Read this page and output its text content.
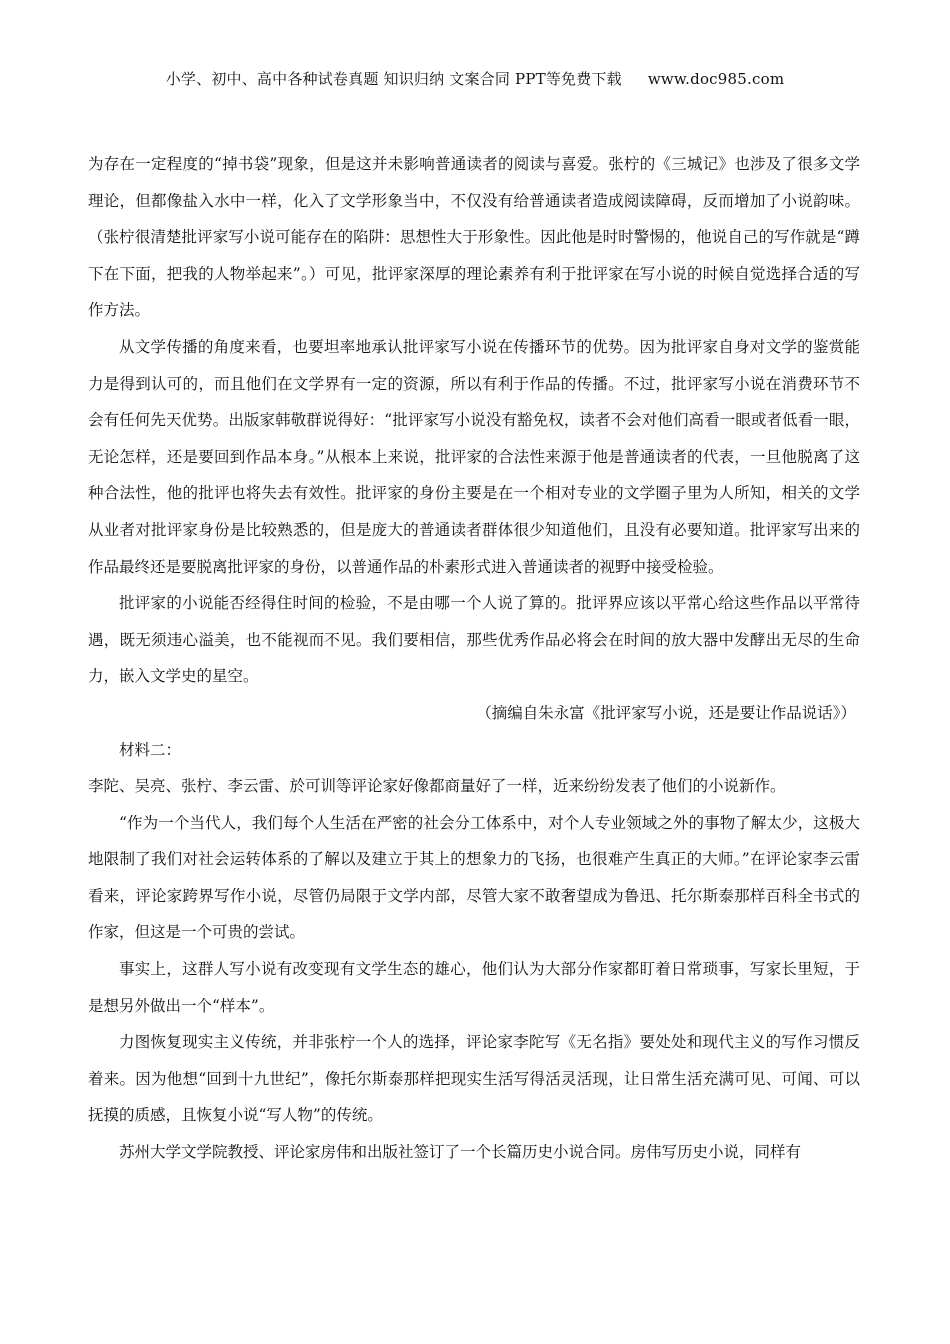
小学、初中、高中各种试卷真题 知识归纳 文案合同 PPT等免费下载 www.doc985.com

为存在一定程度的“掉书袋”现象，但是这并未影响普通读者的阅读与喜爱。张柠的《三城记》也涉及了很多文学理论，但都像盐入水中一样，化入了文学形象当中，不仅没有给普通读者造成阅读障碍，反而增加了小说韵味。（张柠很清楚批评家写小说可能存在的陷阱：思想性大于形象性。因此他是时时警惕的，他说自己的写作就是“蹲下在下面，把我的人物举起来”。）可见，批评家深厚的理论素养有利于批评家在写小说的时候自觉选择合适的写作方法。

从文学传播的角度来看，也要坦率地承认批评家写小说在传播环节的优势。因为批评家自身对文学的鉴赏能力是得到认可的，而且他们在文学界有一定的资源，所以有利于作品的传播。不过，批评家写小说在消费环节不会有任何先天优势。出版家韩敬群说得好：“批评家写小说没有豁免权，读者不会对他们高看一眼或者低看一眼，无论怎样，还是要回到作品本身。”从根本上来说，批评家的合法性来源于他是普通读者的代表，一旦他脱离了这种合法性，他的批评也将失去有效性。批评家的身份主要是在一个相对专业的文学圈子里为人所知，相关的文学从业者对批评家身份是比较熟悉的，但是庞大的普通读者群体很少知道他们，且没有必要知道。批评家写出来的作品最终还是要脱离批评家的身份，以普通作品的朴素形式进入普通读者的视野中接受检验。

批评家的小说能否经得住时间的检验，不是由哪一个人说了算的。批评界应该以平常心给这些作品以平常待遇，既无须违心溢美，也不能视而不见。我们要相信，那些优秀作品必将会在时间的放大器中发酵出无尽的生命力，嵌入文学史的星空。

（摘编自朱永富《批评家写小说，还是要让作品说话》）

材料二：

李陀、吴亮、张柠、李云雷、於可训等评论家好像都商量好了一样，近来纷纷发表了他们的小说新作。

“作为一个当代人，我们每个人生活在严密的社会分工体系中，对个人专业领域之外的事物了解太少，这极大地限制了我们对社会运转体系的了解以及建立于其上的想象力的飞扬，也很难产生真正的大师。”在评论家李云雷看来，评论家跨界写作小说，尽管仍局限于文学内部，尽管大家不敢奢望成为鲁迅、托尔斯泰那样百科全书式的作家，但这是一个可贵的尝试。

事实上，这群人写小说有改变现有文学生态的雄心，他们认为大部分作家都盯着日常琐事，写家长里短，于是想另外做出一个“样本”。

力图恢复现实主义传统，并非张柠一个人的选择，评论家李陀写《无名指》要处处和现代主义的写作习惯反着来。因为他想“回到十九世纪”，像托尔斯泰那样把现实生活写得活灵活现，让日常生活充满可见、可闻、可以抚摸的质感，且恢复小说“写人物”的传统。

苏州大学文学院教授、评论家房伟和出版社签订了一个长篇历史小说合同。房伟写历史小说，同样有
